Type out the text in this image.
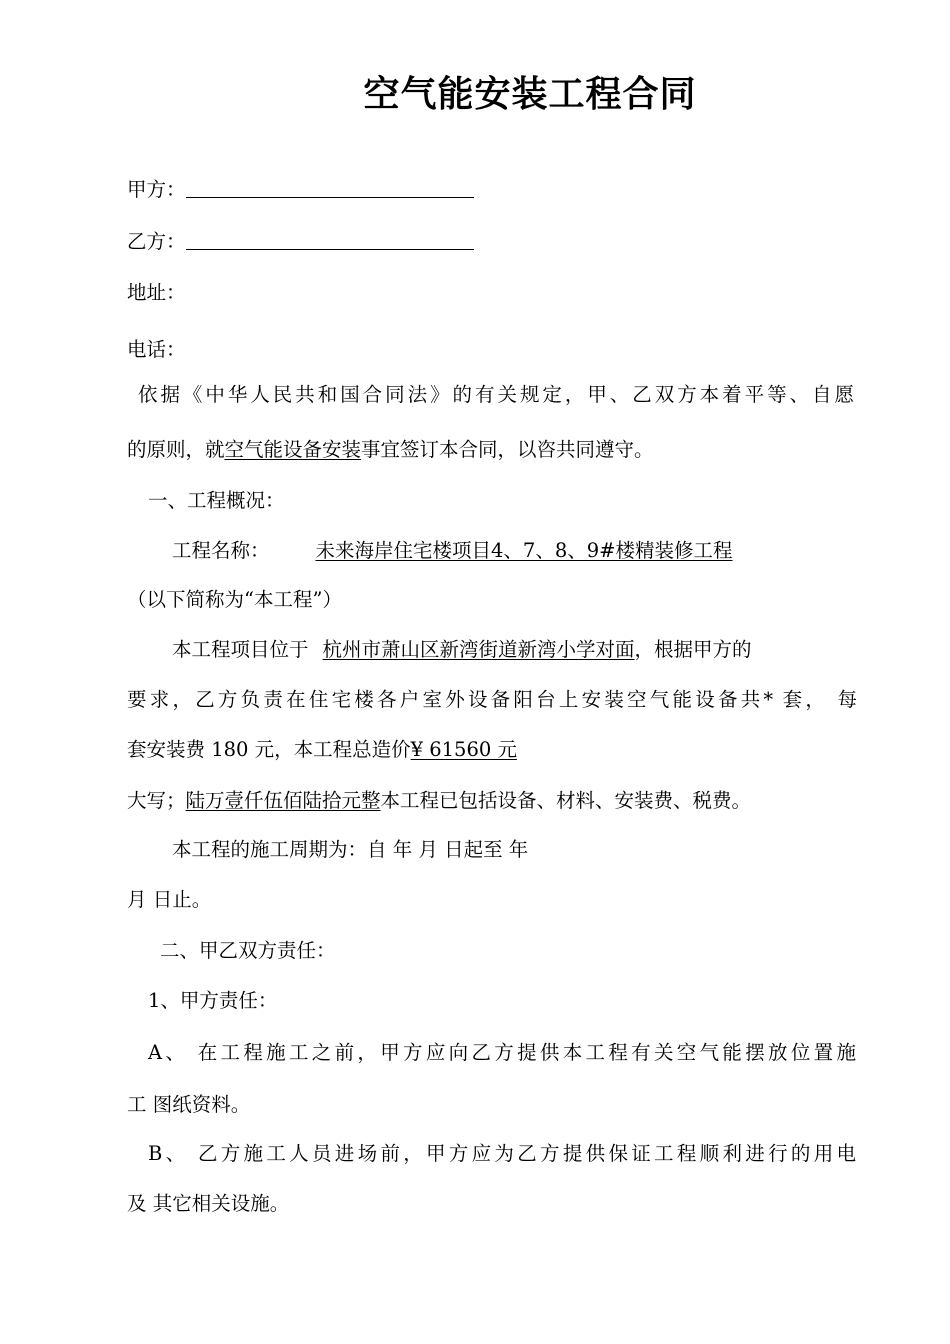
空气能安装工程合同
甲方：
乙方：
地址：
电话：
依据《中华人民共和国合同法》的有关规定，甲、乙双方本着平等、自愿
的原则，就空气能设备安装事宜签订本合同，以咨共同遵守。
一、工程概况：
工程名称： 未来海岸住宅楼项目4、7、8、9#楼精装修工程
（以下简称为“本工程”）
本工程项目位于 杭州市萧山区新湾街道新湾小学对面，根据甲方的
要求，乙方负责在住宅楼各户室外设备阳台上安装空气能设备共* 套， 每
套安装费 180 元，本工程总造价¥ 61560 元
大写；陆万壹仟伍佰陆拾元整本工程已包括设备、材料、安装费、税费。
本工程的施工周期为：自 年 月 日起至 年
月 日止。
二、甲乙双方责任：
1、甲方责任：
A、 在工程施工之前，甲方应向乙方提供本工程有关空气能摆放位置施
工 图纸资料。
B、 乙方施工人员进场前，甲方应为乙方提供保证工程顺利进行的用电
及 其它相关设施。
